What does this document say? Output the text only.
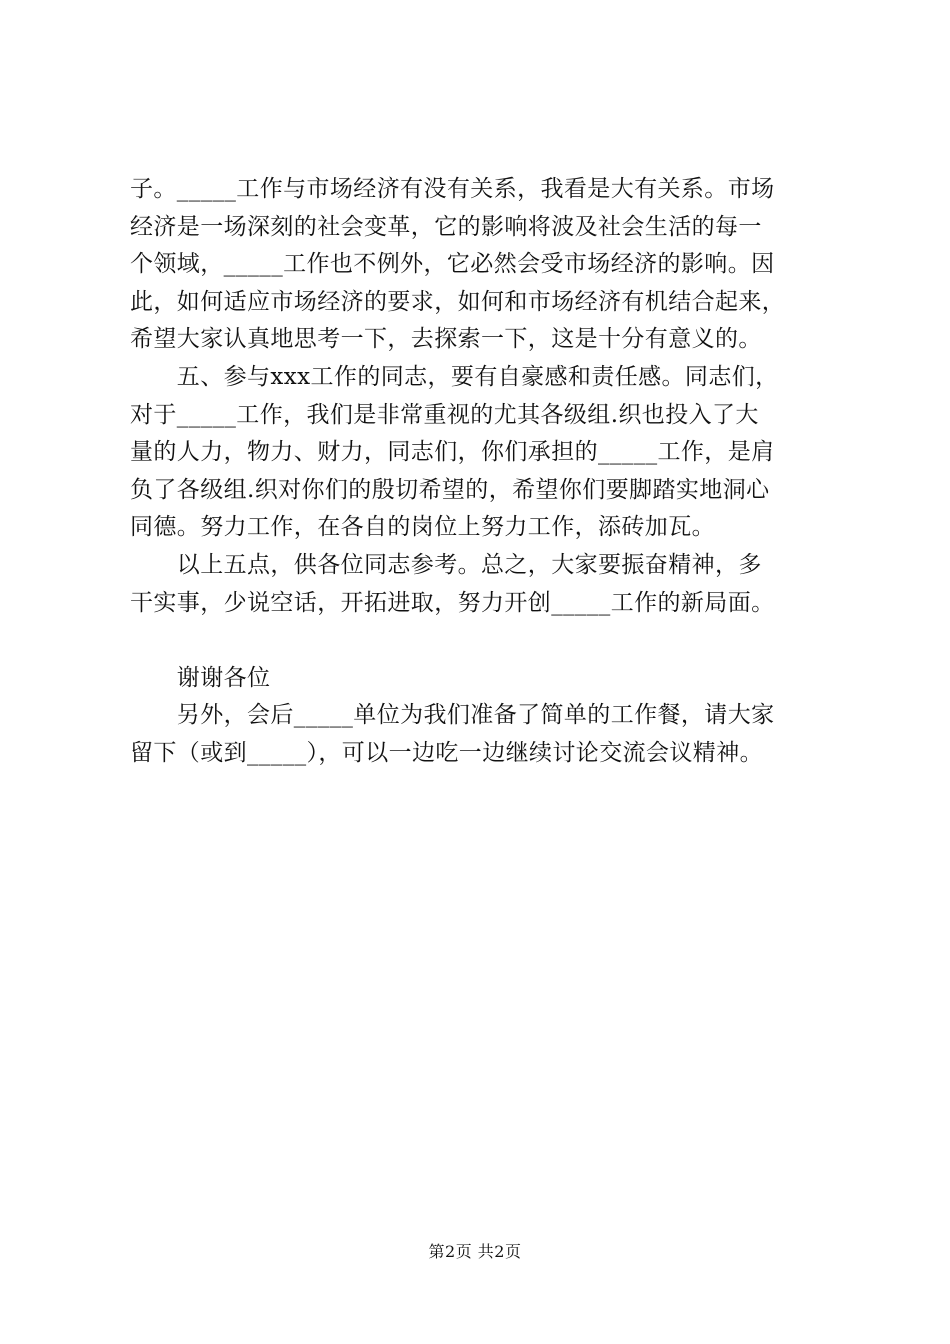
子。_____工作与市场经济有没有关系，我看是大有关系。市场
经济是一场深刻的社会变革，它的影响将波及社会生活的每一
个领域，_____工作也不例外，它必然会受市场经济的影响。因
此，如何适应市场经济的要求，如何和市场经济有机结合起来，
希望大家认真地思考一下，去探索一下，这是十分有意义的。
　　五、参与xxx工作的同志，要有自豪感和责任感。同志们，
对于_____工作，我们是非常重视的尤其各级组.织也投入了大
量的人力，物力、财力，同志们，你们承担的_____工作，是肩
负了各级组.织对你们的殷切希望的，希望你们要脚踏实地洞心
同德。努力工作，在各自的岗位上努力工作，添砖加瓦。
　　以上五点，供各位同志参考。总之，大家要振奋精神，多
干实事，少说空话，开拓进取，努力开创_____工作的新局面。
　　谢谢各位
　　另外，会后_____单位为我们准备了简单的工作餐，请大家
留下（或到_____），可以一边吃一边继续讨论交流会议精神。
第2页 共2页
